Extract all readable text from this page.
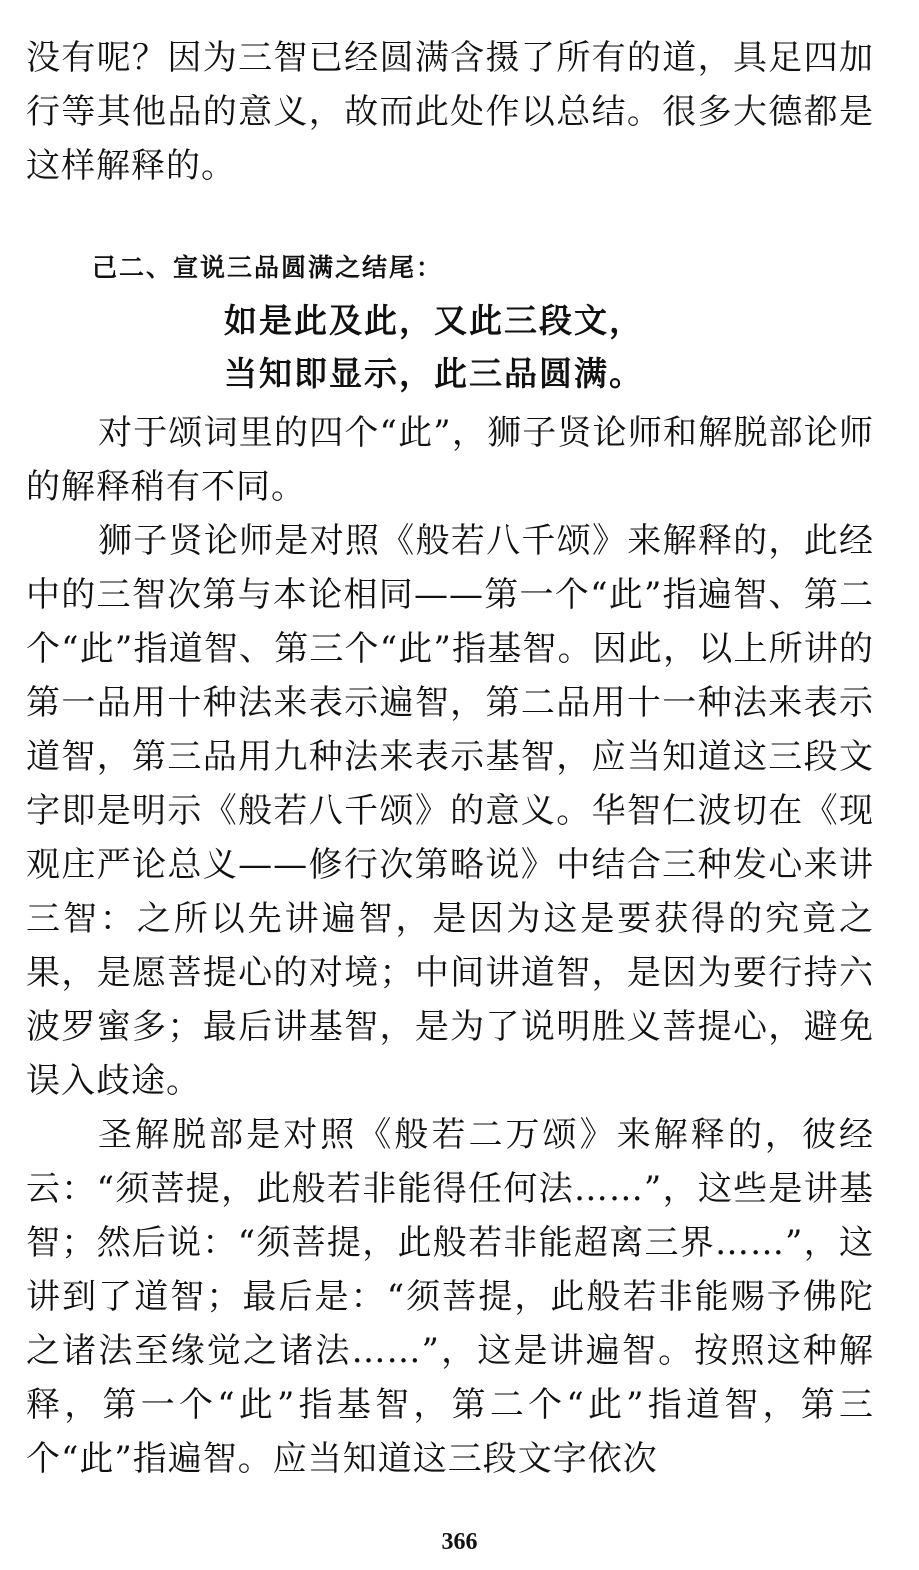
没有呢？因为三智已经圆满含摄了所有的道，具足四加行等其他品的意义，故而此处作以总结。很多大德都是这样解释的。

己二、宣说三品圆满之结尾：
如是此及此，又此三段文，
当知即显示，此三品圆满。

对于颂词里的四个“此”，狮子贤论师和解脱部论师的解释稍有不同。

狮子贤论师是对照《般若八千颂》来解释的，此经中的三智次第与本论相同——第一个“此”指遍智、第二个“此”指道智、第三个“此”指基智。因此，以上所讲的第一品用十种法来表示遍智，第二品用十一种法来表示道智，第三品用九种法来表示基智，应当知道这三段文字即是明示《般若八千颂》的意义。华智仁波切在《现观庄严论总义——修行次第略说》中结合三种发心来讲三智：之所以先讲遍智，是因为这是要获得的究竟之果，是愿菩提心的对境；中间讲道智，是因为要行持六波罗蜜多；最后讲基智，是为了说明胜义菩提心，避免误入歧途。

圣解脱部是对照《般若二万颂》来解释的，彼经云：“须菩提，此般若非能得任何法……”，这些是讲基智；然后说：“须菩提，此般若非能超离三界……”，这讲到了道智；最后是：“须菩提，此般若非能赐予佛陀之诸法至缘觉之诸法……”，这是讲遍智。按照这种解释，第一个“此”指基智，第二个“此”指道智，第三个“此”指遍智。应当知道这三段文字依次

366
